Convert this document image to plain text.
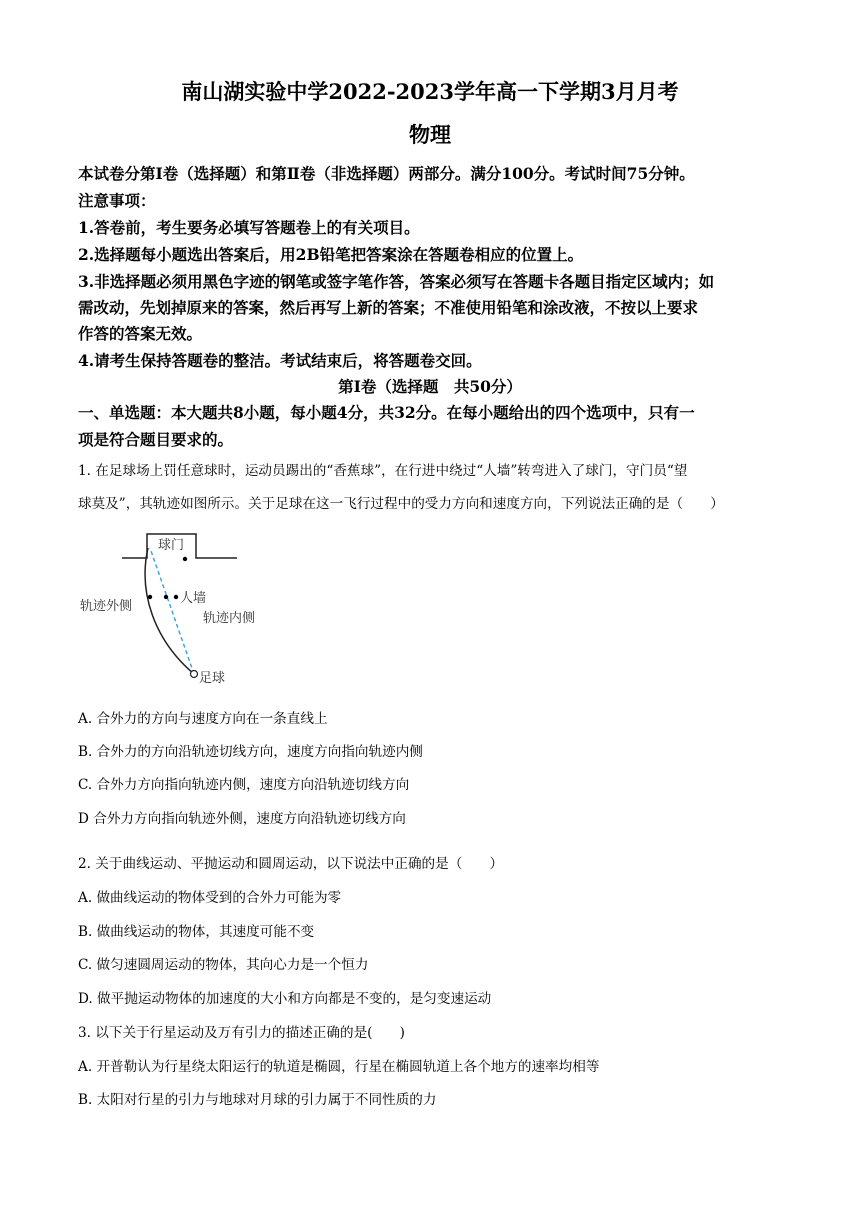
南山湖实验中学2022-2023学年高一下学期3月月考
物理
本试卷分第Ⅰ卷（选择题）和第Ⅱ卷（非选择题）两部分。满分100分。考试时间75分钟。
注意事项：
1.答卷前，考生要务必填写答题卷上的有关项目。
2.选择题每小题选出答案后，用2B铅笔把答案涂在答题卷相应的位置上。
3.非选择题必须用黑色字迹的钢笔或签字笔作答，答案必须写在答题卡各题目指定区域内；如
需改动，先划掉原来的答案，然后再写上新的答案；不准使用铅笔和涂改液，不按以上要求
作答的答案无效。
4.请考生保持答题卷的整洁。考试结束后，将答题卷交回。
第Ⅰ卷（选择题　共50分）
一、单选题：本大题共8小题，每小题4分，共32分。在每小题给出的四个选项中，只有一
项是符合题目要求的。
1. 在足球场上罚任意球时，运动员踢出的“香蕉球”，在行进中绕过“人墙”转弯进入了球门，守门员“望
球莫及”，其轨迹如图所示。关于足球在这一飞行过程中的受力方向和速度方向，下列说法正确的是（　　）
球门
人墙
轨迹外侧
轨迹内侧
足球
A. 合外力的方向与速度方向在一条直线上
B. 合外力的方向沿轨迹切线方向，速度方向指向轨迹内侧
C. 合外力方向指向轨迹内侧，速度方向沿轨迹切线方向
D 合外力方向指向轨迹外侧，速度方向沿轨迹切线方向
2. 关于曲线运动、平抛运动和圆周运动，以下说法中正确的是（　　）
A. 做曲线运动的物体受到的合外力可能为零
B. 做曲线运动的物体，其速度可能不变
C. 做匀速圆周运动的物体，其向心力是一个恒力
D. 做平抛运动物体的加速度的大小和方向都是不变的，是匀变速运动
3. 以下关于行星运动及万有引力的描述正确的是(　　)
A. 开普勒认为行星绕太阳运行的轨道是椭圆，行星在椭圆轨道上各个地方的速率均相等
B. 太阳对行星的引力与地球对月球的引力属于不同性质的力
